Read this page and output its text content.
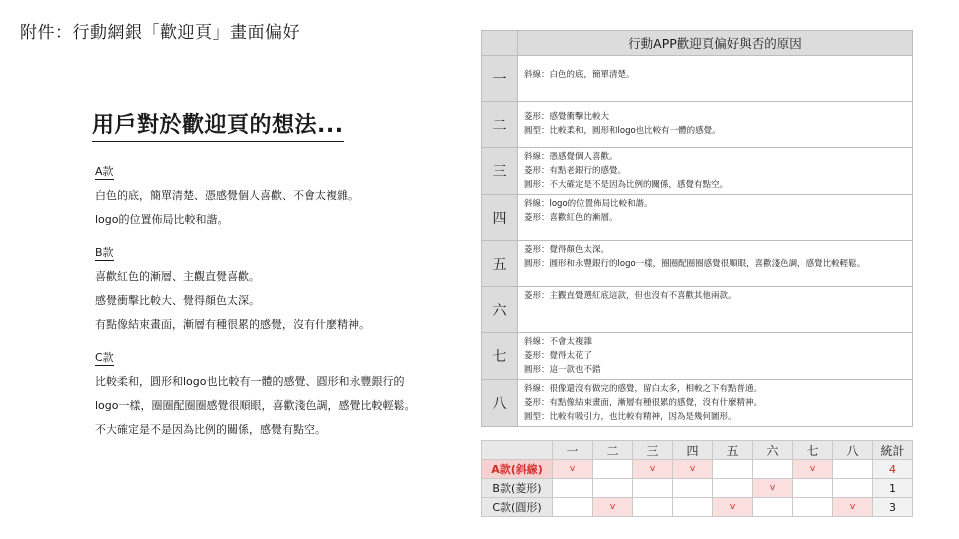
附件：行動網銀「歡迎頁」畫面偏好
用戶對於歡迎頁的想法...
A款
白色的底，簡單清楚、憑感覺個人喜歡、不會太複雜。
logo的位置佈局比較和諧。
B款
喜歡紅色的漸層、主觀直覺喜歡。
感覺衝擊比較大、覺得顏色太深。
有點像結束畫面，漸層有種很累的感覺，沒有什麼精神。
C款
比較柔和，圓形和logo也比較有一體的感覺、圓形和永豐銀行的
logo一樣，圈圈配圈圈感覺很順眼，喜歡淺色調，感覺比較輕鬆。
不大確定是不是因為比例的關係，感覺有點空。
	行動APP歡迎頁偏好與否的原因
一	斜線：白色的底，簡單清楚。

二	菱形：感覺衝擊比較大
圓型：比較柔和，圓形和logo也比較有一體的感覺。

三	斜線：憑感覺個人喜歡。
菱形：有點老銀行的感覺。
圓形：不大確定是不是因為比例的關係，感覺有點空。

四	斜線：logo的位置佈局比較和諧。
菱形：喜歡紅色的漸層。

五	菱形：覺得顏色太深。
圓形：圓形和永豐銀行的logo一樣，圈圈配圈圈感覺很順眼，喜歡淺色調，感覺比較輕鬆。

六	菱形：主觀直覺選紅底這款，但也沒有不喜歡其他兩款。

七	斜線：不會太複雜
菱形：覺得太花了
圓形：這一款也不錯

八	斜線：很像還沒有做完的感覺，留白太多，相較之下有點普通。
菱形：有點像結束畫面，漸層有種很累的感覺，沒有什麼精神。
圓型：比較有吸引力，也比較有精神，因為是幾何圖形。
	一	二	三	四	五	六	七	八	統計
A款(斜線)	v		v	v			v		4
B款(菱形)						v			1
C款(圓形)		v			v			v	3
